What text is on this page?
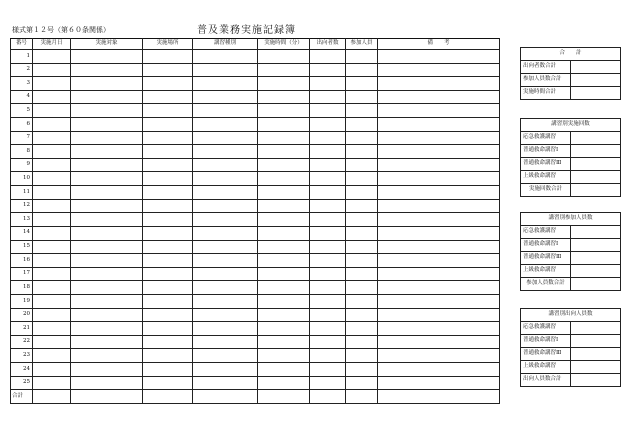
様式第１２号（第６０条関係）	普及業務実施記録簿
番号	実施月日	実施対象	実施場所	講習種別	実施時間（分）	出向者数	参加人員	備　　考
1								
2								
3								
4								
5								
6								
7								
8								
9								
10								
11								
12								
13								
14								
15								
16								
17								
18								
19								
20								
21								
22								
23								
24								
25								
合計								
合　　計	
出向者数合計	
参加人員数合計	
実施時間合計	
講習別実施回数	
応急救護講習	
普通救命講習Ⅰ	
普通救命講習Ⅲ	
上級救命講習	
実施回数合計	
講習別参加人員数	
応急救護講習	
普通救命講習Ⅰ	
普通救命講習Ⅲ	
上級救命講習	
参加人員数合計	
講習別出向人員数	
応急救護講習	
普通救命講習Ⅰ	
普通救命講習Ⅲ	
上級救命講習	
出向人員数合計	
